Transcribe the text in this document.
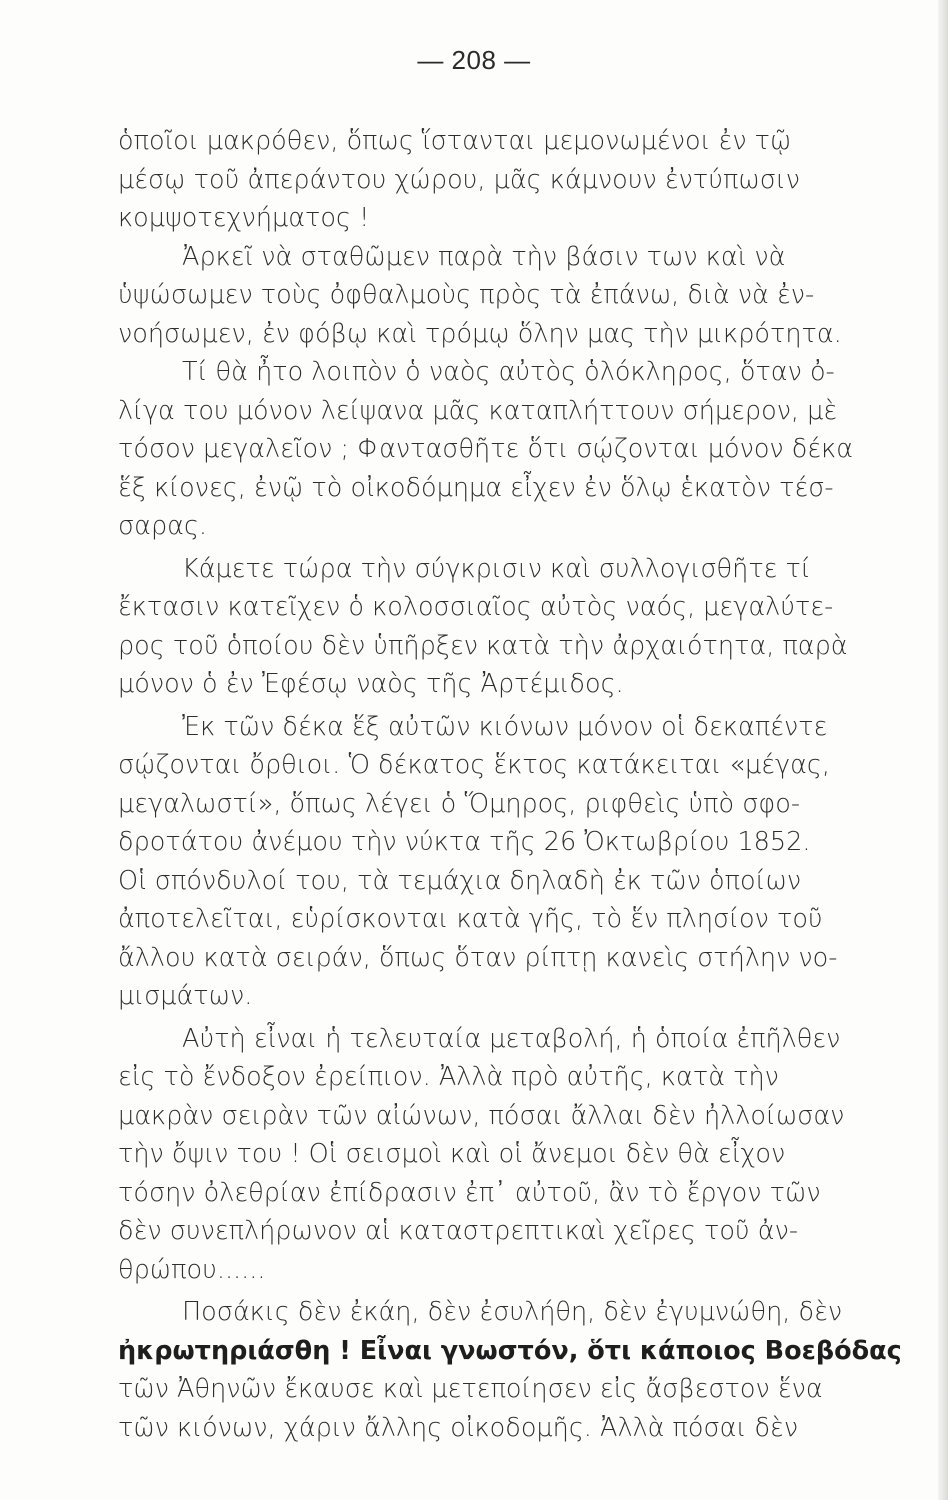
— 208 —
ὁποῖοι μακρόθεν, ὅπως ἵστανται μεμονωμένοι ἐν τῷ
μέσῳ τοῦ ἀπεράντου χώρου, μᾶς κάμνουν ἐντύπωσιν
κομψοτεχνήματος !
Ἀρκεῖ νὰ σταθῶμεν παρὰ τὴν βάσιν των καὶ νὰ
ὑψώσωμεν τοὺς ὀφθαλμοὺς πρὸς τὰ ἐπάνω, διὰ νὰ ἐν-
νοήσωμεν, ἐν φόβῳ καὶ τρόμῳ ὅλην μας τὴν μικρότητα.
Τί θὰ ἦτο λοιπὸν ὁ ναὸς αὐτὸς ὁλόκληρος, ὅταν ὀ-
λίγα του μόνον λείψανα μᾶς καταπλήττουν σήμερον, μὲ
τόσον μεγαλεῖον ; Φαντασθῆτε ὅτι σῴζονται μόνον δέκα
ἕξ κίονες, ἐνῷ τὸ οἰκοδόμημα εἶχεν ἐν ὅλῳ ἑκατὸν τέσ-
σαρας.
Κάμετε τώρα τὴν σύγκρισιν καὶ συλλογισθῆτε τί
ἔκτασιν κατεῖχεν ὁ κολοσσιαῖος αὐτὸς ναός, μεγαλύτε-
ρος τοῦ ὁποίου δὲν ὑπῆρξεν κατὰ τὴν ἀρχαιότητα, παρὰ
μόνον ὁ ἐν Ἐφέσῳ ναὸς τῆς Ἀρτέμιδος.
Ἐκ τῶν δέκα ἕξ αὐτῶν κιόνων μόνον οἱ δεκαπέντε
σῴζονται ὄρθιοι. Ὁ δέκατος ἕκτος κατάκειται «μέγας,
μεγαλωστί», ὅπως λέγει ὁ Ὅμηρος, ριφθεὶς ὑπὸ σφο-
δροτάτου ἀνέμου τὴν νύκτα τῆς 26 Ὀκτωβρίου 1852.
Οἱ σπόνδυλοί του, τὰ τεμάχια δηλαδὴ ἐκ τῶν ὁποίων
ἀποτελεῖται, εὑρίσκονται κατὰ γῆς, τὸ ἕν πλησίον τοῦ
ἄλλου κατὰ σειράν, ὅπως ὅταν ρίπτῃ κανεὶς στήλην νο-
μισμάτων.
Αὐτὴ εἶναι ἡ τελευταία μεταβολή, ἡ ὁποία ἐπῆλθεν
εἰς τὸ ἔνδοξον ἐρείπιον. Ἀλλὰ πρὸ αὐτῆς, κατὰ τὴν
μακρὰν σειρὰν τῶν αἰώνων, πόσαι ἄλλαι δὲν ἠλλοίωσαν
τὴν ὄψιν του ! Οἱ σεισμοὶ καὶ οἱ ἄνεμοι δὲν θὰ εἶχον
τόσην ὀλεθρίαν ἐπίδρασιν ἐπ᾽ αὐτοῦ, ἂν τὸ ἔργον τῶν
δὲν συνεπλήρωνον αἱ καταστρεπτικαὶ χεῖρες τοῦ ἀν-
θρώπου......
Ποσάκις δὲν ἐκάη, δὲν ἐσυλήθη, δὲν ἐγυμνώθη, δὲν
ἠκρωτηριάσθη ! Εἶναι γνωστόν, ὅτι κάποιος Βοεβόδας
τῶν Ἀθηνῶν ἔκαυσε καὶ μετεποίησεν εἰς ἄσβεστον ἕνα
τῶν κιόνων, χάριν ἄλλης οἰκοδομῆς. Ἀλλὰ πόσαι δὲν
